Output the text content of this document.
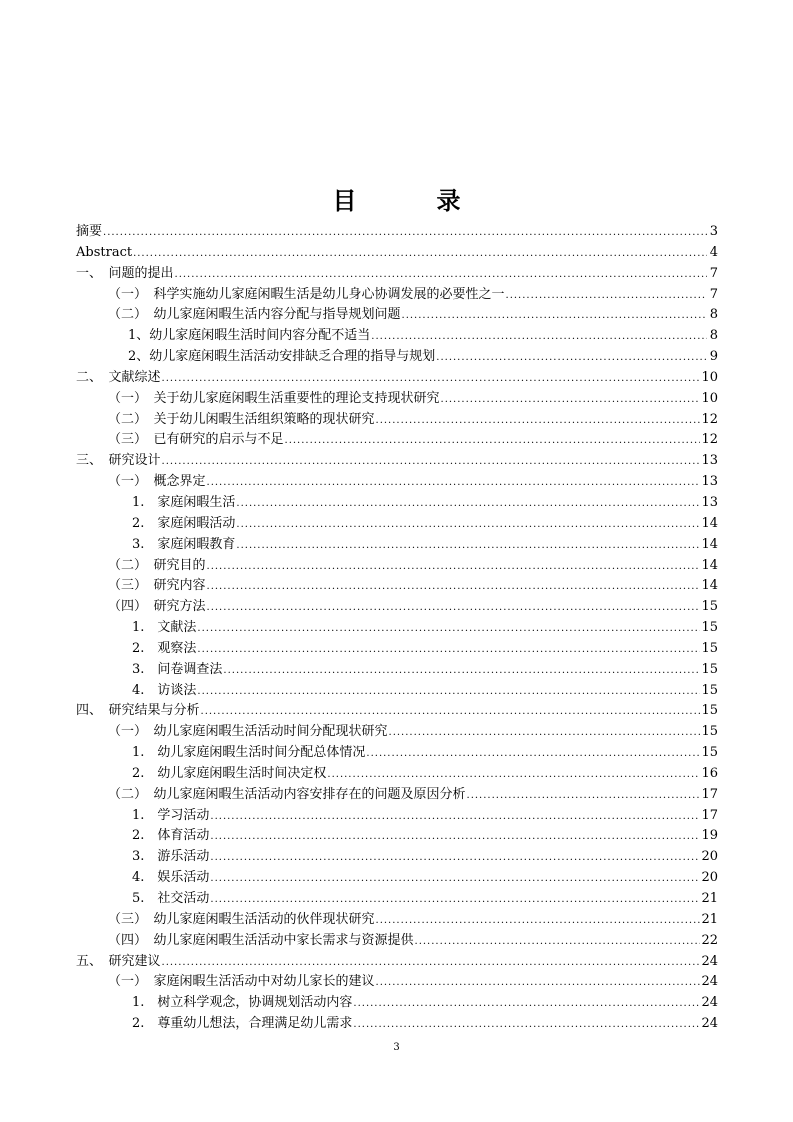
目　录
摘要 .....	3
Abstract .....	4
一、　问题的提出 .....	7
（一）　科学实施幼儿家庭闲暇生活是幼儿身心协调发展的必要性之一 .....	7
（二）　幼儿家庭闲暇生活内容分配与指导规划问题 .....	8
1、幼儿家庭闲暇生活时间内容分配不适当 .....	8
2、幼儿家庭闲暇生活活动安排缺乏合理的指导与规划 .....	9
二、　文献综述 .....	10
（一）　关于幼儿家庭闲暇生活重要性的理论支持现状研究 .....	10
（二）　关于幼儿闲暇生活组织策略的现状研究 .....	12
（三）　已有研究的启示与不足 .....	12
三、　研究设计 .....	13
（一）　概念界定 .....	13
1.　家庭闲暇生活 .....	13
2.　家庭闲暇活动 .....	14
3.　家庭闲暇教育 .....	14
（二）　研究目的 .....	14
（三）　研究内容 .....	14
（四）　研究方法 .....	15
1.　文献法 .....	15
2.　观察法 .....	15
3.　问卷调查法 .....	15
4.　访谈法 .....	15
四、　研究结果与分析 .....	15
（一）　幼儿家庭闲暇生活活动时间分配现状研究 .....	15
1.　幼儿家庭闲暇生活时间分配总体情况 .....	15
2.　幼儿家庭闲暇生活时间决定权 .....	16
（二）　幼儿家庭闲暇生活活动内容安排存在的问题及原因分析 .....	17
1.　学习活动 .....	17
2.　体育活动 .....	19
3.　游乐活动 .....	20
4.　娱乐活动 .....	20
5.　社交活动 .....	21
（三）　幼儿家庭闲暇生活活动的伙伴现状研究 .....	21
（四）　幼儿家庭闲暇生活活动中家长需求与资源提供 .....	22
五、　研究建议 .....	24
（一）　家庭闲暇生活活动中对幼儿家长的建议 .....	24
1.　树立科学观念，协调规划活动内容 .....	24
2.　尊重幼儿想法，合理满足幼儿需求 .....	24
3
